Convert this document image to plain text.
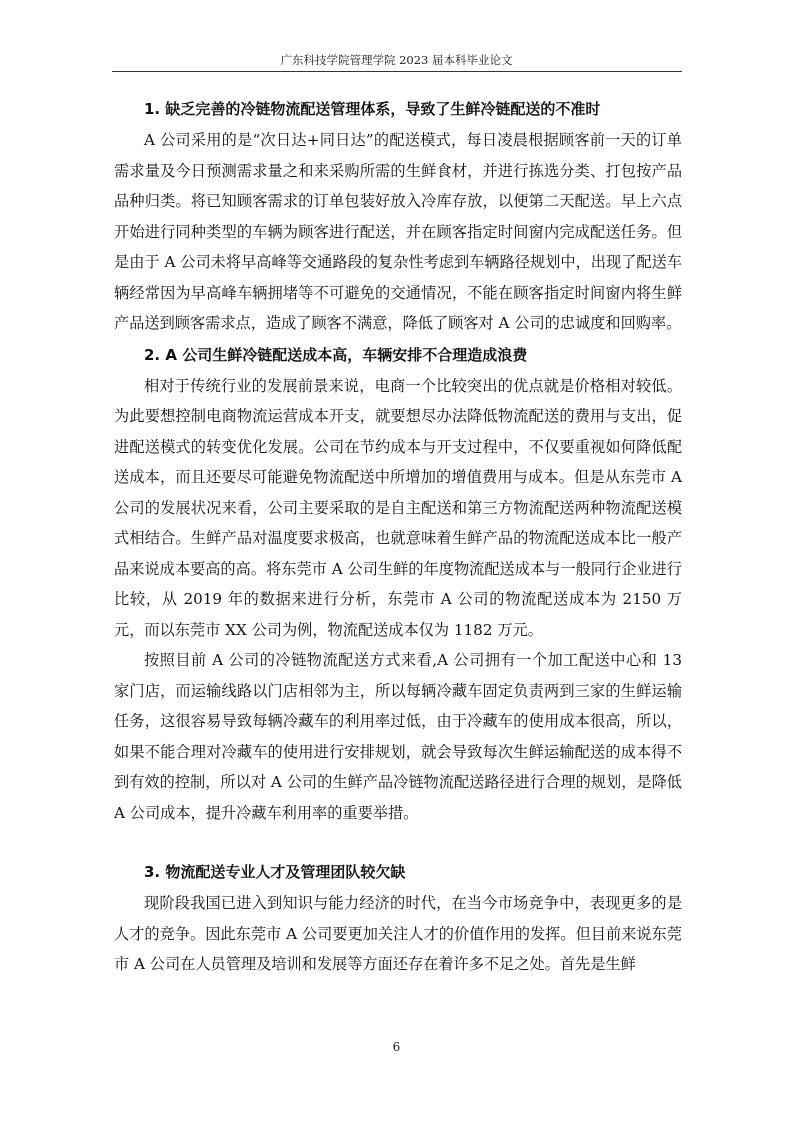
广东科技学院管理学院 2023 届本科毕业论文
1. 缺乏完善的冷链物流配送管理体系，导致了生鲜冷链配送的不准时

A 公司采用的是“次日达+同日达”的配送模式，每日凌晨根据顾客前一天的订单需求量及今日预测需求量之和来采购所需的生鲜食材，并进行拣选分类、打包按产品品种归类。将已知顾客需求的订单包装好放入冷库存放，以便第二天配送。早上六点开始进行同种类型的车辆为顾客进行配送，并在顾客指定时间窗内完成配送任务。但是由于 A 公司未将早高峰等交通路段的复杂性考虑到车辆路径规划中，出现了配送车辆经常因为早高峰车辆拥堵等不可避免的交通情况，不能在顾客指定时间窗内将生鲜产品送到顾客需求点，造成了顾客不满意，降低了顾客对 A 公司的忠诚度和回购率。

2. A 公司生鲜冷链配送成本高，车辆安排不合理造成浪费

相对于传统行业的发展前景来说，电商一个比较突出的优点就是价格相对较低。为此要想控制电商物流运营成本开支，就要想尽办法降低物流配送的费用与支出，促进配送模式的转变优化发展。公司在节约成本与开支过程中，不仅要重视如何降低配送成本，而且还要尽可能避免物流配送中所增加的增值费用与成本。但是从东莞市 A 公司的发展状况来看，公司主要采取的是自主配送和第三方物流配送两种物流配送模式相结合。生鲜产品对温度要求极高，也就意味着生鲜产品的物流配送成本比一般产品来说成本要高的高。将东莞市 A 公司生鲜的年度物流配送成本与一般同行企业进行比较，从 2019 年的数据来进行分析，东莞市 A 公司的物流配送成本为 2150 万元，而以东莞市 XX 公司为例，物流配送成本仅为 1182 万元。

按照目前 A 公司的冷链物流配送方式来看,A 公司拥有一个加工配送中心和 13 家门店，而运输线路以门店相邻为主，所以每辆冷藏车固定负责两到三家的生鲜运输任务，这很容易导致每辆冷藏车的利用率过低，由于冷藏车的使用成本很高，所以，如果不能合理对冷藏车的使用进行安排规划，就会导致每次生鲜运输配送的成本得不到有效的控制，所以对 A 公司的生鲜产品冷链物流配送路径进行合理的规划，是降低 A 公司成本，提升冷藏车利用率的重要举措。

3. 物流配送专业人才及管理团队较欠缺

现阶段我国已进入到知识与能力经济的时代，在当今市场竞争中，表现更多的是人才的竞争。因此东莞市 A 公司要更加关注人才的价值作用的发挥。但目前来说东莞市 A 公司在人员管理及培训和发展等方面还存在着许多不足之处。首先是生鲜

6
